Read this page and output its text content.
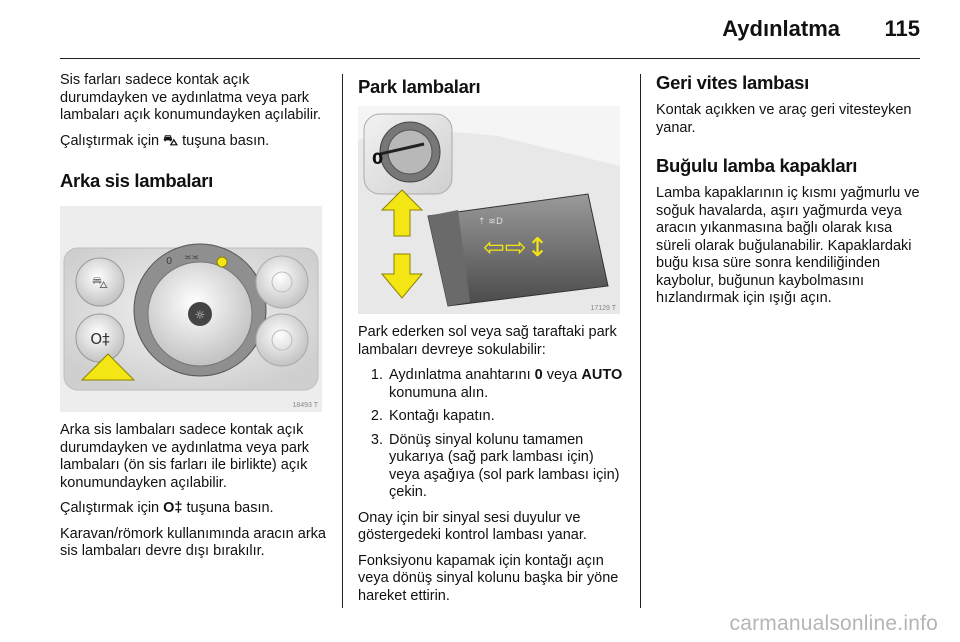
Aydınlatma 115

Sis farları sadece kontak açık durumdayken ve aydınlatma veya park lambaları açık konumundayken açılabilir.

Çalıştırmak için ⛍ tuşuna basın.

Arka sis lambaları
⛍
O‡
☼
0 ≍≍
18493 T

Arka sis lambaları sadece kontak açık durumdayken ve aydınlatma veya park lambaları (ön sis farları ile birlikte) açık konumundayken açılabilir.

Çalıştırmak için O‡ tuşuna basın.

Karavan/römork kullanımında aracın arka sis lambaları devre dışı bırakılır.

Park lambaları
0
⇡ ≋D
⇦⇨↕
17129 T

Park ederken sol veya sağ taraftaki park lambaları devreye sokulabilir:

1. Aydınlatma anahtarını 0 veya AUTO konumuna alın.
2. Kontağı kapatın.
3. Dönüş sinyal kolunu tamamen yukarıya (sağ park lambası için) veya aşağıya (sol park lambası için) çekin.

Onay için bir sinyal sesi duyulur ve göstergedeki kontrol lambası yanar.

Fonksiyonu kapamak için kontağı açın veya dönüş sinyal kolunu başka bir yöne hareket ettirin.

Geri vites lambası

Kontak açıkken ve araç geri vitesteyken yanar.

Buğulu lamba kapakları

Lamba kapaklarının iç kısmı yağmurlu ve soğuk havalarda, aşırı yağmurda veya aracın yıkanmasına bağlı olarak kısa süreli olarak buğulanabilir. Kapaklardaki buğu kısa süre sonra kendiliğinden kaybolur, buğunun kaybolmasını hızlandırmak için ışığı açın.

carmanualsonline.info
